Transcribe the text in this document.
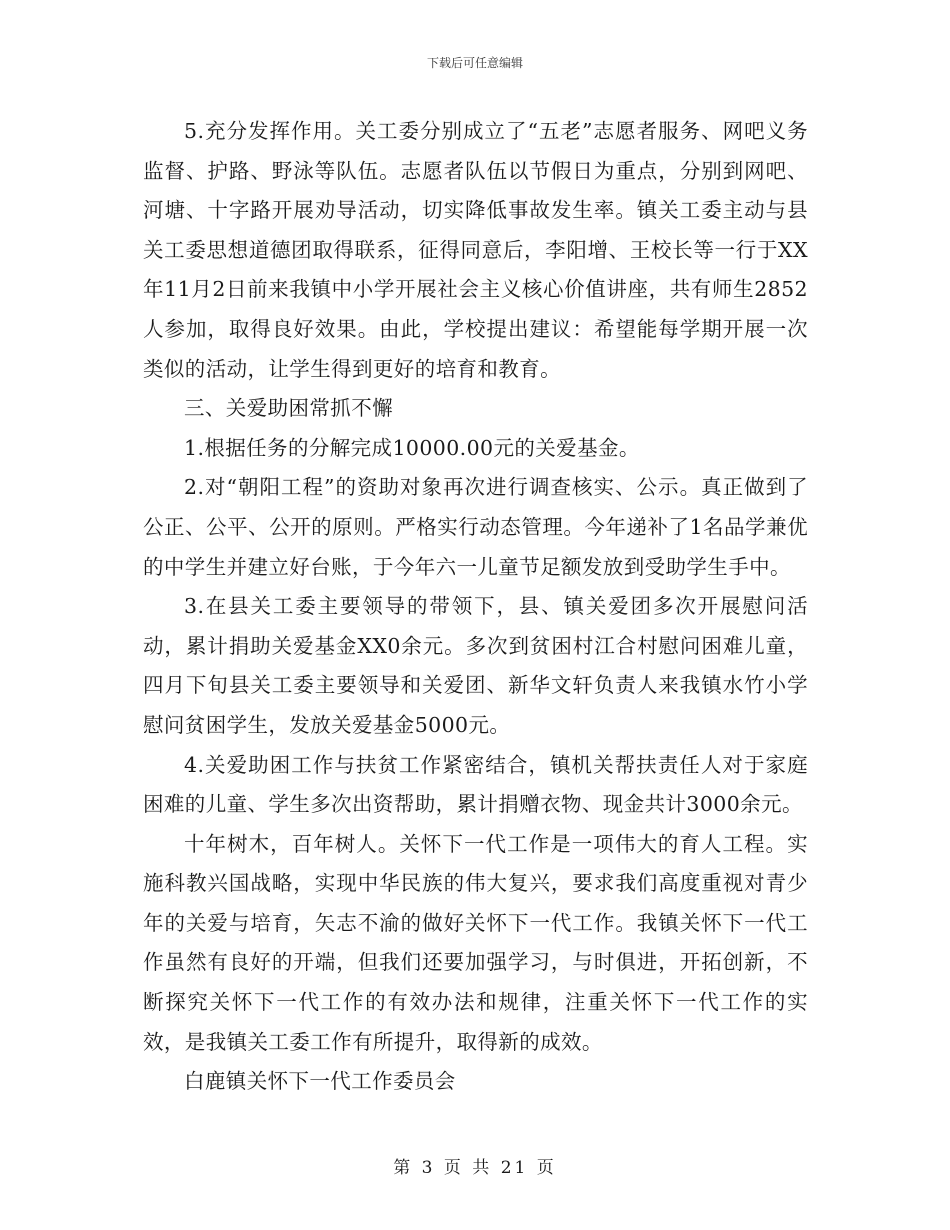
下载后可任意编辑

5.充分发挥作用。关工委分别成立了“五老”志愿者服务、网吧义务监督、护路、野泳等队伍。志愿者队伍以节假日为重点，分别到网吧、河塘、十字路开展劝导活动，切实降低事故发生率。镇关工委主动与县关工委思想道德团取得联系，征得同意后，李阳增、王校长等一行于XX年11月2日前来我镇中小学开展社会主义核心价值讲座，共有师生2852人参加，取得良好效果。由此，学校提出建议：希望能每学期开展一次类似的活动，让学生得到更好的培育和教育。

三、关爱助困常抓不懈

1.根据任务的分解完成10000.00元的关爱基金。

2.对“朝阳工程”的资助对象再次进行调查核实、公示。真正做到了公正、公平、公开的原则。严格实行动态管理。今年递补了1名品学兼优的中学生并建立好台账，于今年六一儿童节足额发放到受助学生手中。

3.在县关工委主要领导的带领下，县、镇关爱团多次开展慰问活动，累计捐助关爱基金XX0余元。多次到贫困村江合村慰问困难儿童，四月下旬县关工委主要领导和关爱团、新华文轩负责人来我镇水竹小学慰问贫困学生，发放关爱基金5000元。

4.关爱助困工作与扶贫工作紧密结合，镇机关帮扶责任人对于家庭困难的儿童、学生多次出资帮助，累计捐赠衣物、现金共计3000余元。

十年树木，百年树人。关怀下一代工作是一项伟大的育人工程。实施科教兴国战略，实现中华民族的伟大复兴，要求我们高度重视对青少年的关爱与培育，矢志不渝的做好关怀下一代工作。我镇关怀下一代工作虽然有良好的开端，但我们还要加强学习，与时俱进，开拓创新，不断探究关怀下一代工作的有效办法和规律，注重关怀下一代工作的实效，是我镇关工委工作有所提升，取得新的成效。

白鹿镇关怀下一代工作委员会

第 3 页 共 21 页
